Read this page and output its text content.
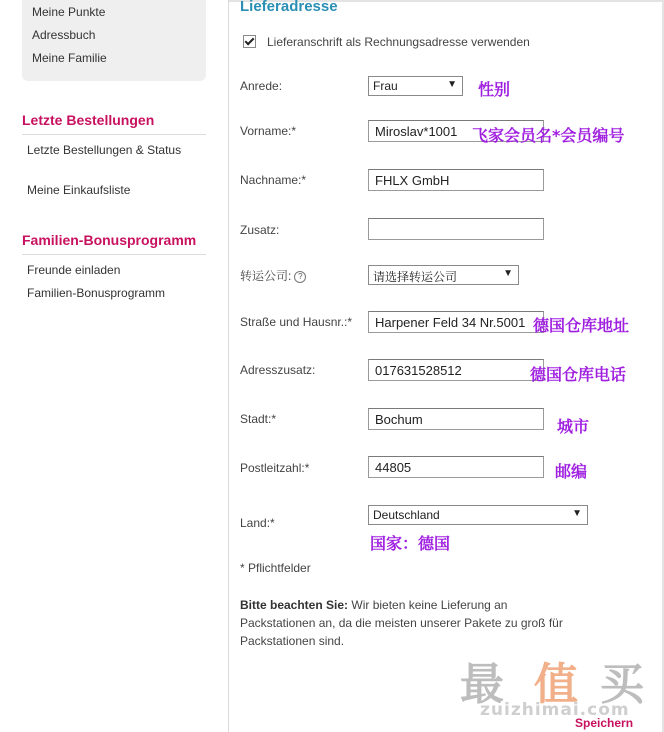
Meine Punkte
Adressbuch
Meine Familie
Letzte Bestellungen
Letzte Bestellungen & Status
Meine Einkaufsliste
Familien-Bonusprogramm
Freunde einladen
Familien-Bonusprogramm
Lieferadresse
Lieferanschrift als Rechnungsadresse verwenden
Anrede:	Frau	▼
Vorname:*	Miroslav*1001
Nachname:*	FHLX GmbH
Zusatz:
转运公司: ?	请选择转运公司	▼
Straße und Hausnr.:*	Harpener Feld 34 Nr.5001
Adresszusatz:	017631528512
Stadt:*	Bochum
Postleitzahl:*	44805
Land:*
Deutschland	▼
* Pflichtfelder
Bitte beachten Sie: Wir bieten keine Lieferung an Packstationen an, da die meisten unserer Pakete zu groß für Packstationen sind.
性别
飞家会员名*会员编号
德国仓库地址
德国仓库电话
城市
邮编
国家：德国
最 值 买
zuizhimai.com
Speichern
